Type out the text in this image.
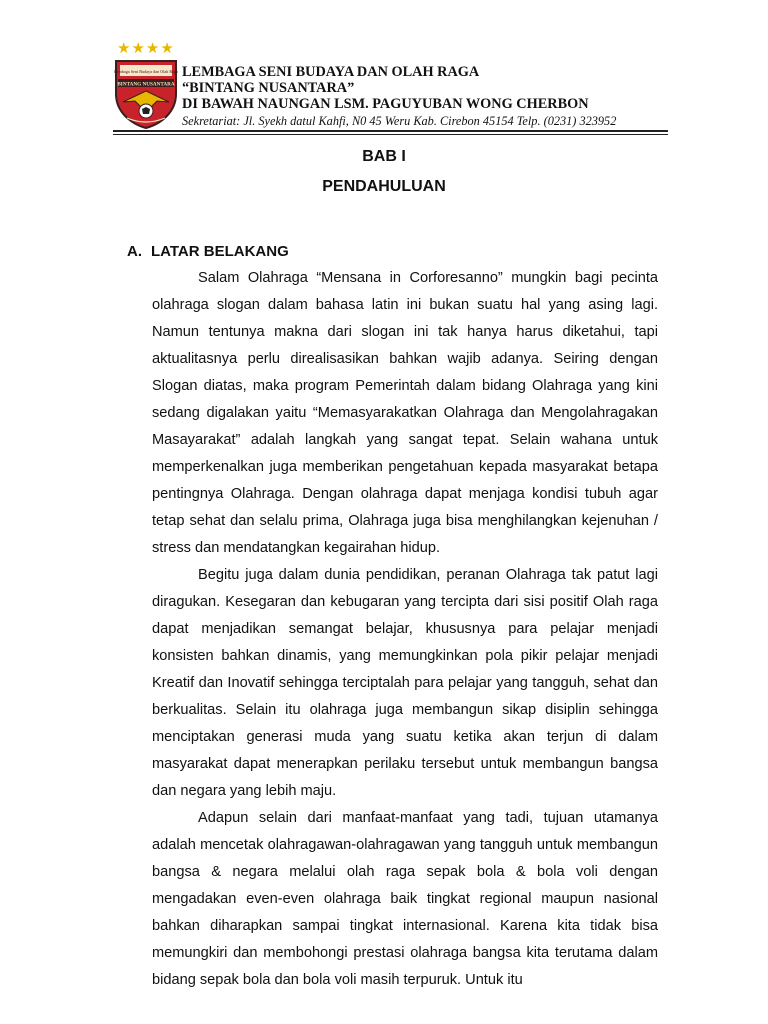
★★★★
Lembaga Seni Budaya dan Olah Raga
BINTANG NUSANTARA
LEMBAGA SENI BUDAYA DAN OLAH RAGA
“BINTANG NUSANTARA”
DI BAWAH NAUNGAN LSM. PAGUYUBAN WONG CHERBON
Sekretariat: Jl. Syekh datul Kahfi, N0 45 Weru Kab. Cirebon 45154 Telp. (0231) 323952
BAB I
PENDAHULUAN
A. LATAR BELAKANG

Salam Olahraga “Mensana in Corforesanno” mungkin bagi pecinta olahraga slogan dalam bahasa latin ini bukan suatu hal yang asing lagi. Namun tentunya makna dari slogan ini tak hanya harus diketahui, tapi aktualitasnya perlu direalisasikan bahkan wajib adanya. Seiring dengan Slogan diatas, maka program Pemerintah dalam bidang Olahraga yang kini sedang digalakan yaitu “Memasyarakatkan Olahraga dan Mengolahragakan Masayarakat” adalah langkah yang sangat tepat. Selain wahana untuk memperkenalkan juga memberikan pengetahuan kepada masyarakat betapa pentingnya Olahraga. Dengan olahraga dapat menjaga kondisi tubuh agar tetap sehat dan selalu prima, Olahraga juga bisa menghilangkan kejenuhan / stress dan mendatangkan kegairahan hidup.

Begitu juga dalam dunia pendidikan, peranan Olahraga tak patut lagi diragukan. Kesegaran dan kebugaran yang tercipta dari sisi positif Olah raga dapat menjadikan semangat belajar, khususnya para pelajar menjadi konsisten bahkan dinamis, yang memungkinkan pola pikir pelajar menjadi Kreatif dan Inovatif sehingga terciptalah para pelajar yang tangguh, sehat dan berkualitas. Selain itu olahraga juga membangun sikap disiplin sehingga menciptakan generasi muda yang suatu ketika akan terjun di dalam masyarakat dapat menerapkan perilaku tersebut untuk membangun bangsa dan negara yang lebih maju.

Adapun selain dari manfaat-manfaat yang tadi, tujuan utamanya adalah mencetak olahragawan-olahragawan yang tangguh untuk membangun bangsa & negara melalui olah raga sepak bola & bola voli dengan mengadakan even-even olahraga baik tingkat regional maupun nasional bahkan diharapkan sampai tingkat internasional. Karena kita tidak bisa memungkiri dan membohongi prestasi olahraga bangsa kita terutama dalam bidang sepak bola dan bola voli masih terpuruk. Untuk itu
